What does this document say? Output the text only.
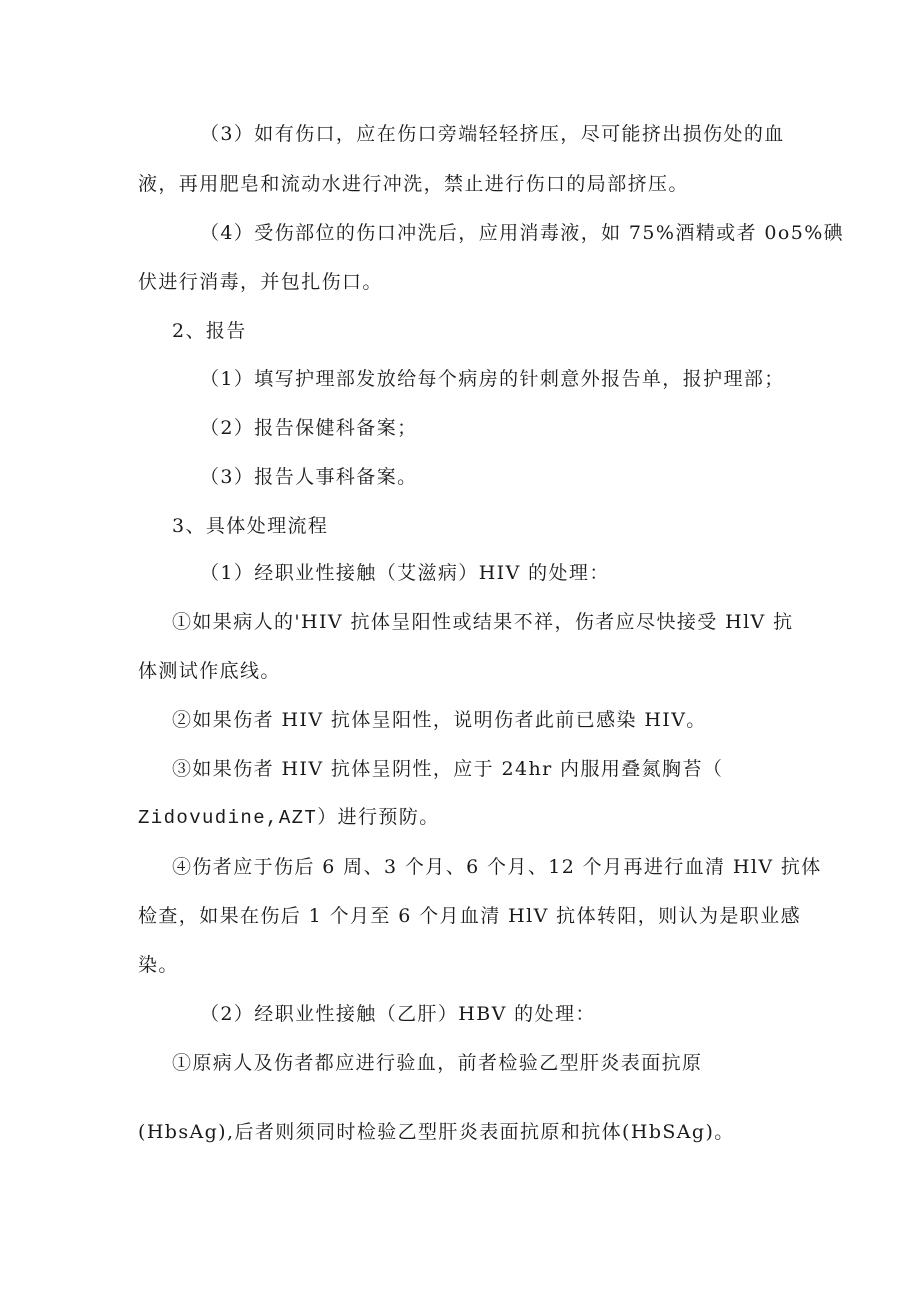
（3）如有伤口，应在伤口旁端轻轻挤压，尽可能挤出损伤处的血
液，再用肥皂和流动水进行冲洗，禁止进行伤口的局部挤压。
（4）受伤部位的伤口冲洗后，应用消毒液，如 75%酒精或者 0o5%碘
伏进行消毒，并包扎伤口。
2、报告
（1）填写护理部发放给每个病房的针刺意外报告单，报护理部；
（2）报告保健科备案；
（3）报告人事科备案。
3、具体处理流程
（1）经职业性接触（艾滋病）HIV 的处理：
①如果病人的'HIV 抗体呈阳性或结果不祥，伤者应尽快接受 HlV 抗
体测试作底线。
②如果伤者 HIV 抗体呈阳性，说明伤者此前已感染 HIV。
③如果伤者 HIV 抗体呈阴性，应于 24hr 内服用叠氮胸苔（
Zidovudine,AZT）进行预防。
④伤者应于伤后 6 周、3 个月、6 个月、12 个月再进行血清 HlV 抗体
检查，如果在伤后 1 个月至 6 个月血清 HlV 抗体转阳，则认为是职业感
染。
（2）经职业性接触（乙肝）HBV 的处理：
①原病人及伤者都应进行验血，前者检验乙型肝炎表面抗原
(HbsAg),后者则须同时检验乙型肝炎表面抗原和抗体(HbSAg)。
